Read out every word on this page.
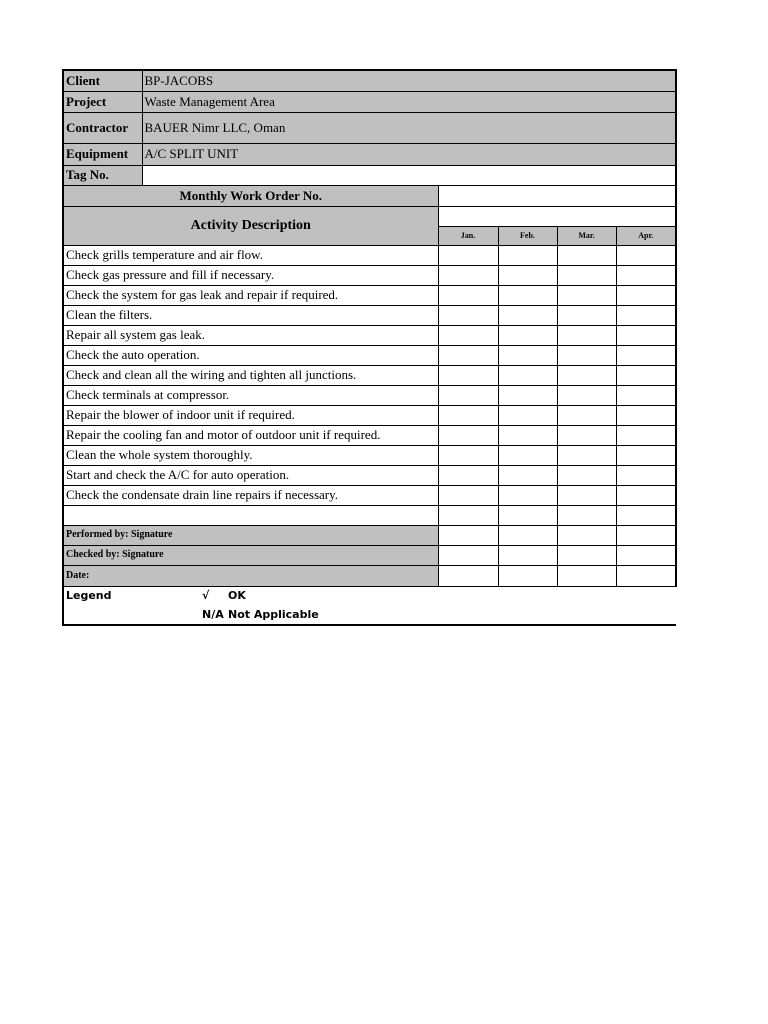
Client	BP-JACOBS				
Project	Waste Management Area				
Contractor	BAUER Nimr LLC, Oman				
Equipment	A/C SPLIT UNIT				
Tag No.					
Monthly Work Order No.					
Activity Description					
		Jan.	Feb.	Mar.	Apr.
Check grills temperature and air flow.					
Check gas pressure and fill if necessary.					
Check the system for gas leak and repair if required.					
Clean the filters.					
Repair all system gas leak.					
Check the auto operation.					
Check and clean all the wiring and tighten all junctions.					
Check terminals at compressor.					
Repair the blower of indoor unit if required.					
Repair the cooling fan and motor of outdoor unit if required.					
Clean the whole system thoroughly.					
Start and check the A/C for auto operation.					
Check the condensate drain line repairs if necessary.					

Performed by: Signature					
Checked by: Signature					
Date:					
Legend	√ OK				
	N/A Not Applicable				
